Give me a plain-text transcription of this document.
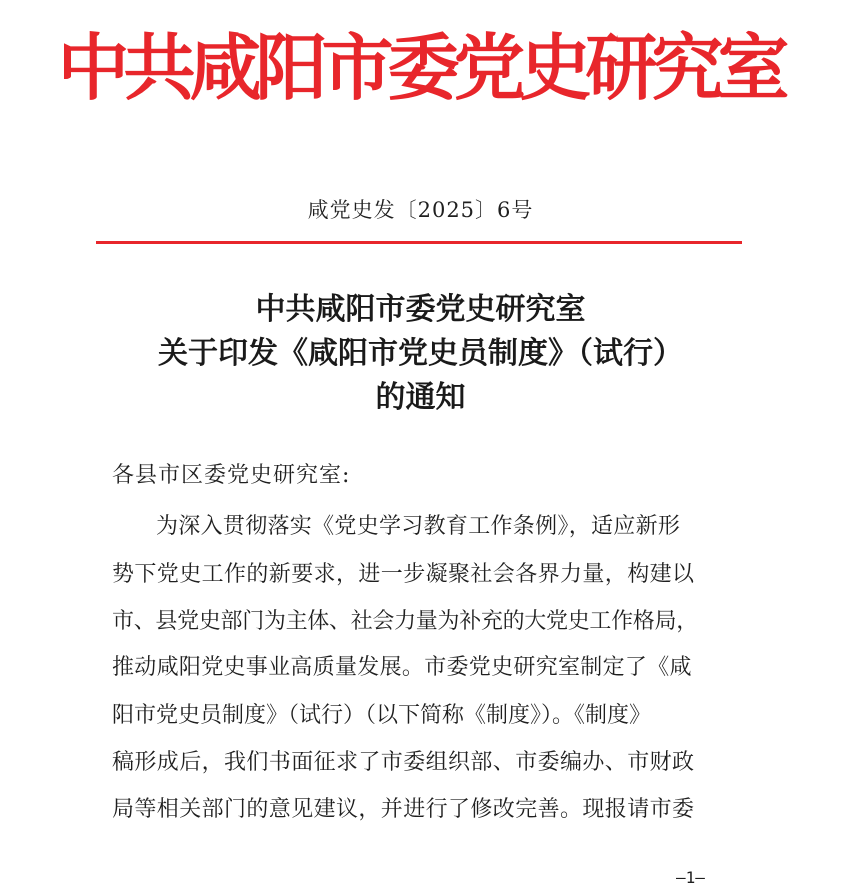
中共咸阳市委党史研究室
咸党史发〔2025〕6号
中共咸阳市委党史研究室
关于印发《咸阳市党史员制度》（试行）
的通知
各县市区委党史研究室:
为深入贯彻落实《党史学习教育工作条例》，适应新形
势下党史工作的新要求，进一步凝聚社会各界力量，构建以
市、县党史部门为主体、社会力量为补充的大党史工作格局，
推动咸阳党史事业高质量发展。市委党史研究室制定了《咸
阳市党史员制度》（试行）（以下简称《制度》）。《制度》
稿形成后，我们书面征求了市委组织部、市委编办、市财政
局等相关部门的意见建议，并进行了修改完善。现报请市委
—1—
